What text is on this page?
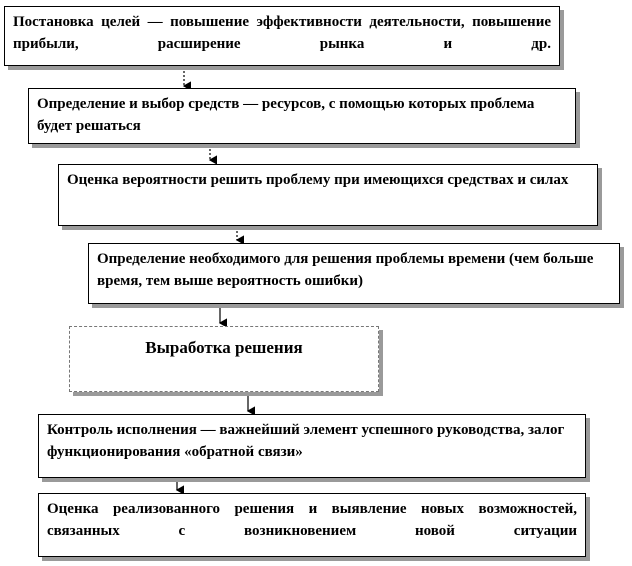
Постановка целей — повышение эффективности деятельности, повышение прибыли, расширение рынка и др.
Определение и выбор средств — ресурсов, с помощью которых проблема будет решаться
Оценка вероятности решить проблему при имеющихся средствах и силах
Определение необходимого для решения проблемы времени (чем больше время, тем выше вероятность ошибки)
Выработка решения
Контроль исполнения — важнейший элемент успешного руководства, залог функционирования «обратной связи»
Оценка реализованного решения и выявление новых возможностей, связанных с возникновением новой ситуации
